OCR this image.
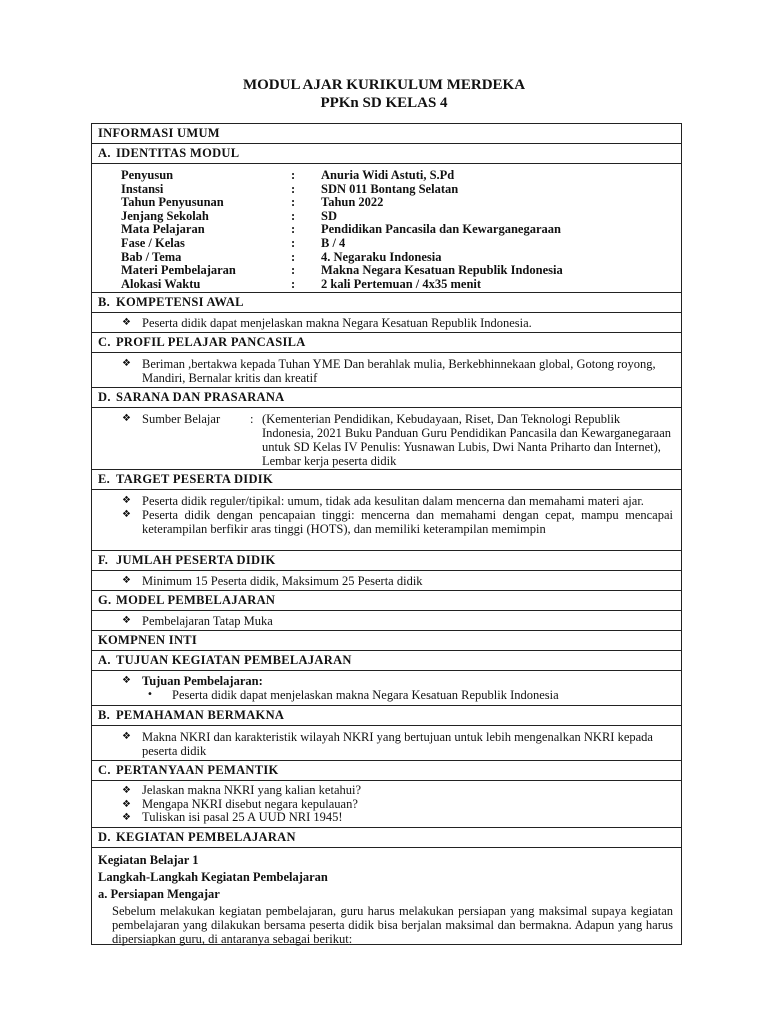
MODUL AJAR KURIKULUM MERDEKA
PPKn SD KELAS 4
INFORMASI UMUM
A. IDENTITAS MODUL
Penyusun	:	Anuria Widi Astuti, S.Pd
Instansi	:	SDN 011 Bontang Selatan
Tahun Penyusunan	:	Tahun 2022
Jenjang Sekolah	:	SD
Mata Pelajaran	:	Pendidikan Pancasila dan Kewarganegaraan
Fase / Kelas	:	B / 4
Bab / Tema	:	4. Negaraku Indonesia
Materi Pembelajaran	:	Makna Negara Kesatuan Republik Indonesia
Alokasi Waktu	:	2 kali Pertemuan / 4x35 menit
B. KOMPETENSI AWAL
❖ Peserta didik dapat menjelaskan makna Negara Kesatuan Republik Indonesia.
C. PROFIL PELAJAR PANCASILA
❖ Beriman ,bertakwa kepada Tuhan YME Dan berahlak mulia, Berkebhinnekaan global, Gotong royong, Mandiri, Bernalar kritis dan kreatif
D. SARANA DAN PRASARANA
❖ Sumber Belajar	: (Kementerian Pendidikan, Kebudayaan, Riset, Dan Teknologi Republik Indonesia, 2021 Buku Panduan Guru Pendidikan Pancasila dan Kewarganegaraan untuk SD Kelas IV Penulis: Yusnawan Lubis, Dwi Nanta Priharto dan Internet), Lembar kerja peserta didik
E. TARGET PESERTA DIDIK
❖ Peserta didik reguler/tipikal: umum, tidak ada kesulitan dalam mencerna dan memahami materi ajar.
❖ Peserta didik dengan pencapaian tinggi: mencerna dan memahami dengan cepat, mampu mencapai keterampilan berfikir aras tinggi (HOTS), dan memiliki keterampilan memimpin
F. JUMLAH PESERTA DIDIK
❖ Minimum 15 Peserta didik, Maksimum 25 Peserta didik
G. MODEL PEMBELAJARAN
❖ Pembelajaran Tatap Muka
KOMPNEN INTI
A. TUJUAN KEGIATAN PEMBELAJARAN
❖ Tujuan Pembelajaran:
• Peserta didik dapat menjelaskan makna Negara Kesatuan Republik Indonesia
B. PEMAHAMAN BERMAKNA
❖ Makna NKRI dan karakteristik wilayah NKRI yang bertujuan untuk lebih mengenalkan NKRI kepada peserta didik
C. PERTANYAAN PEMANTIK
❖ Jelaskan makna NKRI yang kalian ketahui?
❖ Mengapa NKRI disebut negara kepulauan?
❖ Tuliskan isi pasal 25 A UUD NRI 1945!
D. KEGIATAN PEMBELAJARAN
Kegiatan Belajar 1
Langkah-Langkah Kegiatan Pembelajaran
a. Persiapan Mengajar
Sebelum melakukan kegiatan pembelajaran, guru harus melakukan persiapan yang maksimal supaya kegiatan pembelajaran yang dilakukan bersama peserta didik bisa berjalan maksimal dan bermakna. Adapun yang harus dipersiapkan guru, di antaranya sebagai berikut:
